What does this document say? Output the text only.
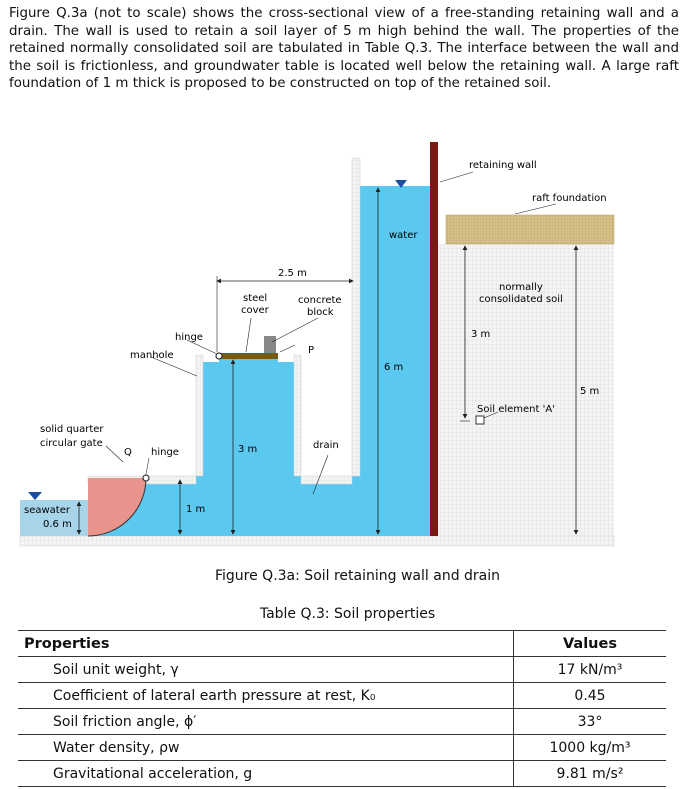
Figure Q.3a (not to scale) shows the cross-sectional view of a free-standing retaining wall and a drain. The wall is used to retain a soil layer of 5 m high behind the wall. The properties of the retained normally consolidated soil are tabulated in Table Q.3. The interface between the wall and the soil is frictionless, and groundwater table is located well below the retaining wall. A large raft foundation of 1 m thick is proposed to be constructed on top of the retained soil.

retaining wall
raft foundation
water
normally
consolidated soil
3 m
5 m
Soil element 'A'
2.5 m
steel
cover
concrete
block
hinge
manhole	P
6 m
solid quarter
circular gate
Q hinge	3 m	drain
seawater
0.6 m
1 m
Figure Q.3a: Soil retaining wall and drain
Table Q.3: Soil properties
Properties	Values
Soil unit weight, γ	17 kN/m³
Coefficient of lateral earth pressure at rest, K₀	0.45
Soil friction angle, ϕ′	33°
Water density, ρw	1000 kg/m³
Gravitational acceleration, g	9.81 m/s²
